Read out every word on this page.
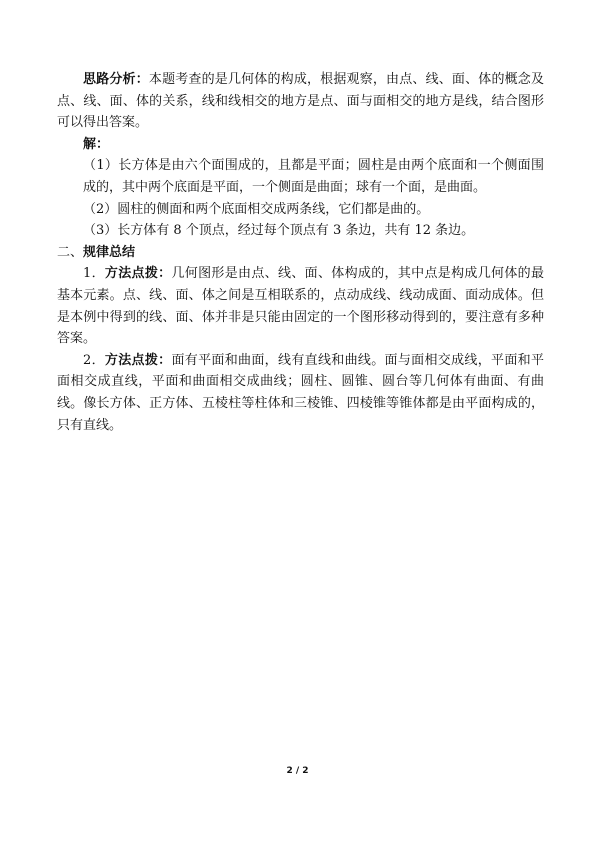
思路分析：本题考查的是几何体的构成，根据观察，由点、线、面、体的概念及点、线、面、体的关系，线和线相交的地方是点、面与面相交的地方是线，结合图形可以得出答案。

解：

（1）长方体是由六个面围成的，且都是平面；圆柱是由两个底面和一个侧面围成的，其中两个底面是平面，一个侧面是曲面；球有一个面，是曲面。

（2）圆柱的侧面和两个底面相交成两条线，它们都是曲的。

（3）长方体有 8 个顶点，经过每个顶点有 3 条边，共有 12 条边。

二、规律总结

1．方法点拨：几何图形是由点、线、面、体构成的，其中点是构成几何体的最基本元素。点、线、面、体之间是互相联系的，点动成线、线动成面、面动成体。但是本例中得到的线、面、体并非是只能由固定的一个图形移动得到的，要注意有多种答案。

2．方法点拨：面有平面和曲面，线有直线和曲线。面与面相交成线，平面和平面相交成直线，平面和曲面相交成曲线；圆柱、圆锥、圆台等几何体有曲面、有曲线。像长方体、正方体、五棱柱等柱体和三棱锥、四棱锥等锥体都是由平面构成的，只有直线。

2 / 2
